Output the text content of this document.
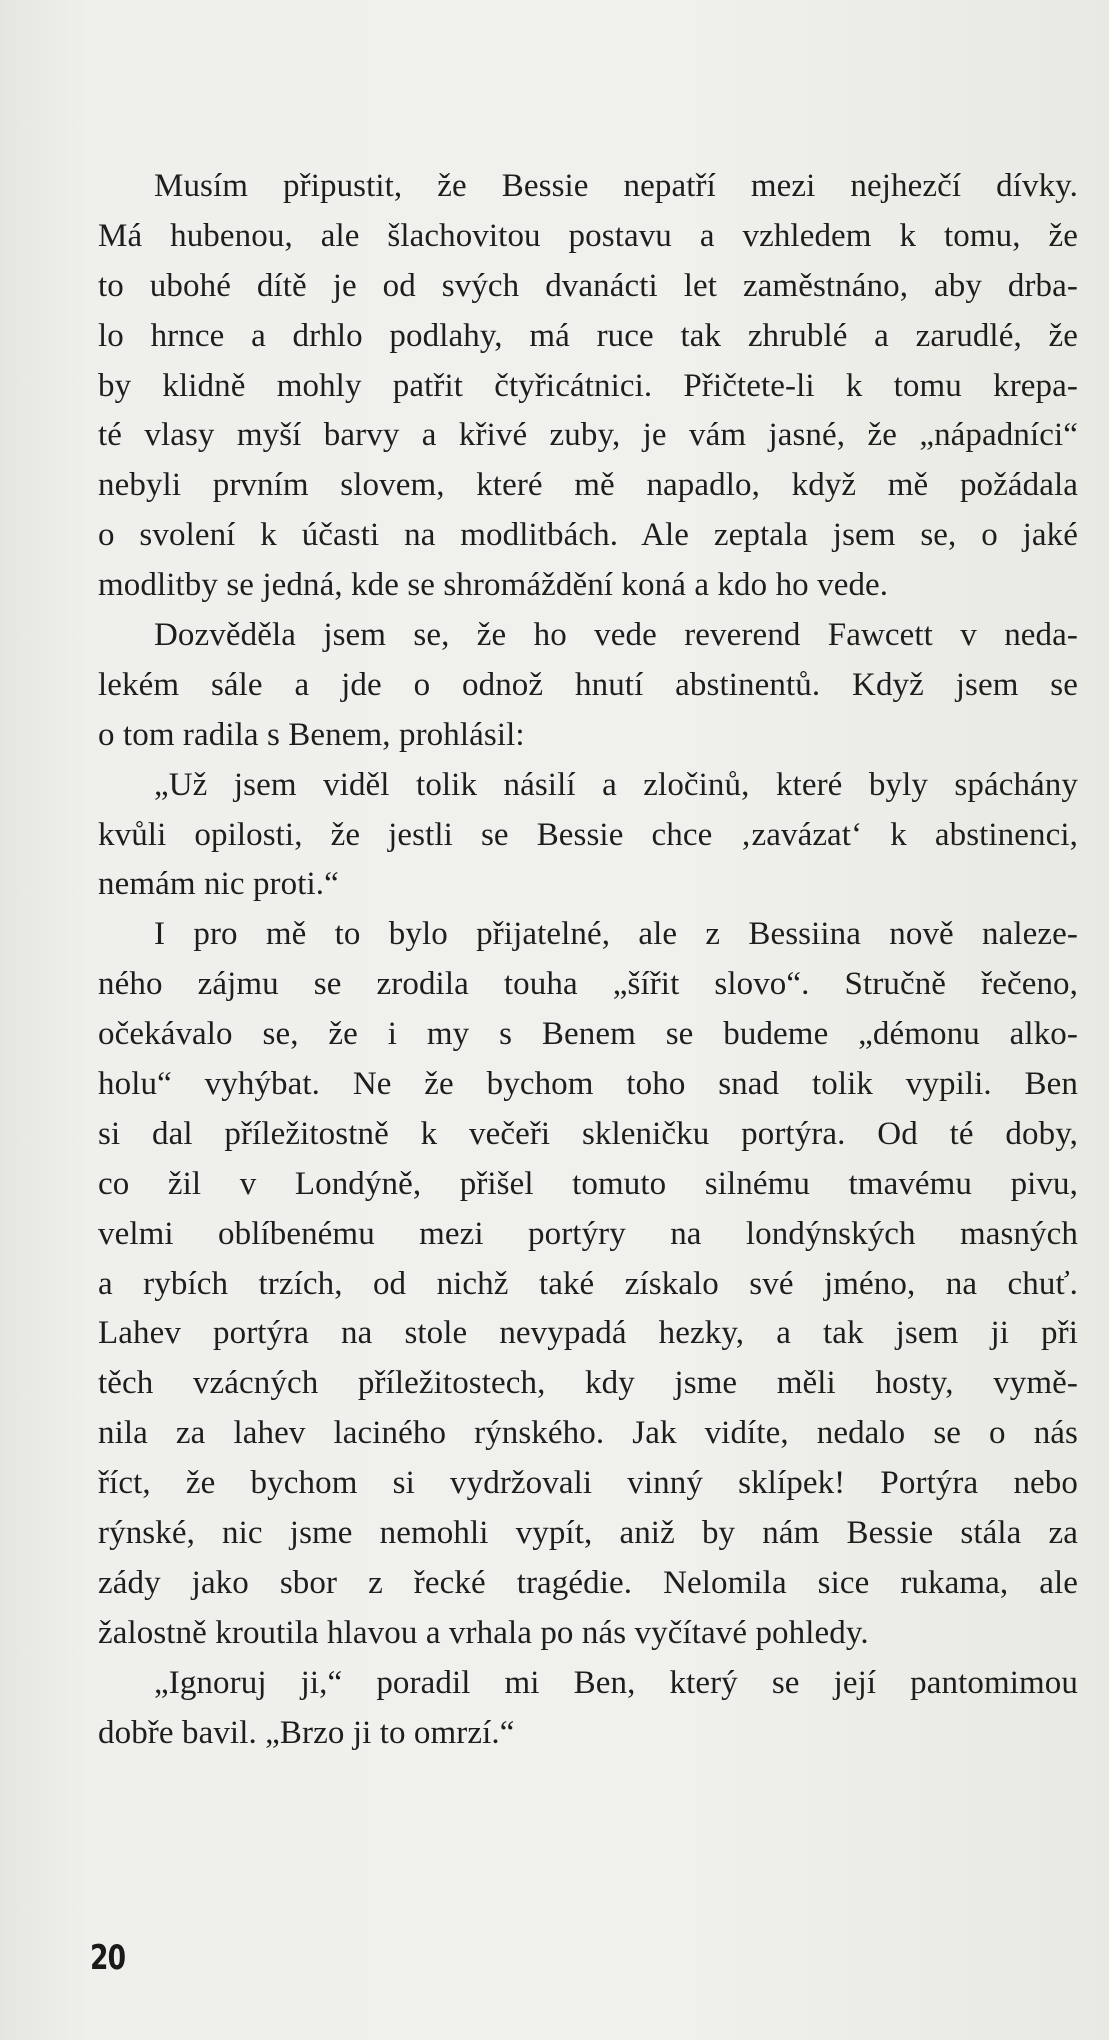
Musím připustit, že Bessie nepatří mezi nejhezčí dívky.
Má hubenou, ale šlachovitou postavu a vzhledem k tomu, že
to ubohé dítě je od svých dvanácti let zaměstnáno, aby drba-
lo hrnce a drhlo podlahy, má ruce tak zhrublé a zarudlé, že
by klidně mohly patřit čtyřicátnici. Přičtete-li k tomu krepa-
té vlasy myší barvy a křivé zuby, je vám jasné, že „nápadníci“
nebyli prvním slovem, které mě napadlo, když mě požádala
o svolení k účasti na modlitbách. Ale zeptala jsem se, o jaké
modlitby se jedná, kde se shromáždění koná a kdo ho vede.
Dozvěděla jsem se, že ho vede reverend Fawcett v neda-
lekém sále a jde o odnož hnutí abstinentů. Když jsem se
o tom radila s Benem, prohlásil:
„Už jsem viděl tolik násilí a zločinů, které byly spáchány
kvůli opilosti, že jestli se Bessie chce ‚zavázat‘ k abstinenci,
nemám nic proti.“
I pro mě to bylo přijatelné, ale z Bessiina nově naleze-
ného zájmu se zrodila touha „šířit slovo“. Stručně řečeno,
očekávalo se, že i my s Benem se budeme „démonu alko-
holu“ vyhýbat. Ne že bychom toho snad tolik vypili. Ben
si dal příležitostně k večeři skleničku portýra. Od té doby,
co žil v Londýně, přišel tomuto silnému tmavému pivu,
velmi oblíbenému mezi portýry na londýnských masných
a rybích trzích, od nichž také získalo své jméno, na chuť.
Lahev portýra na stole nevypadá hezky, a tak jsem ji při
těch vzácných příležitostech, kdy jsme měli hosty, vymě-
nila za lahev laciného rýnského. Jak vidíte, nedalo se o nás
říct, že bychom si vydržovali vinný sklípek! Portýra nebo
rýnské, nic jsme nemohli vypít, aniž by nám Bessie stála za
zády jako sbor z řecké tragédie. Nelomila sice rukama, ale
žalostně kroutila hlavou a vrhala po nás vyčítavé pohledy.
„Ignoruj ji,“ poradil mi Ben, který se její pantomimou
dobře bavil. „Brzo ji to omrzí.“
20
